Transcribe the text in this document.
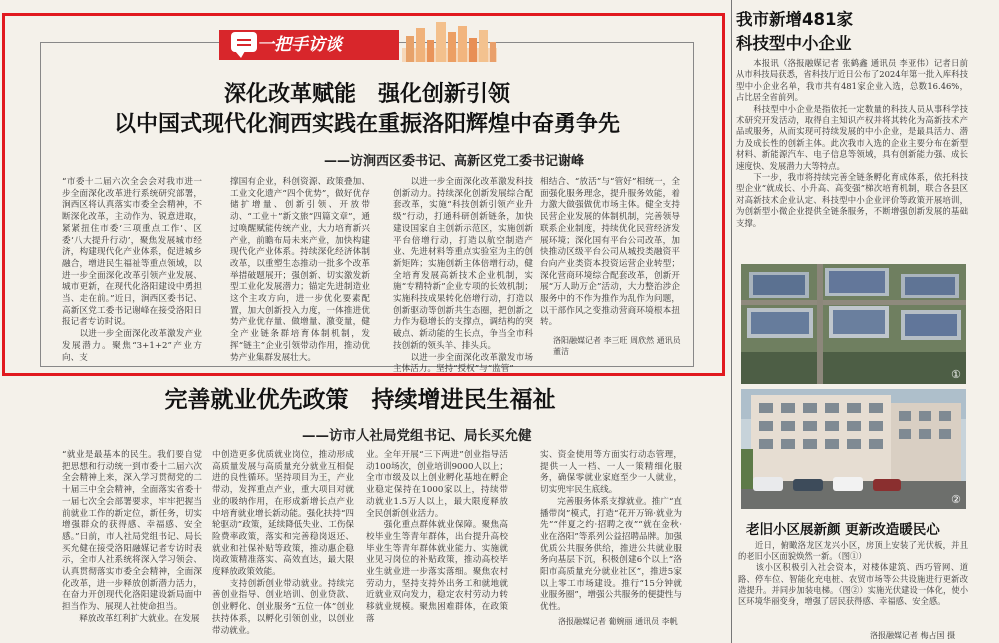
一把手访谈
深化改革赋能　强化创新引领
以中国式现代化涧西实践在重振洛阳辉煌中奋勇争先
——访涧西区委书记、高新区党工委书记谢峰
“市委十二届六次全会会对我市进一步全面深化改革进行系统研究部署，涧西区将认真落实市委全会精神，不断深化改革，主动作为、锐意进取，紧紧扭住市委‘三项重点工作’、区委‘八大提升行动’，聚焦发展城市经济，构建现代化产业体系，促进城乡融合，增进民生福祉等重点领域，以进一步全面深化改革引领产业发展、城市更新，在现代化洛阳建设中勇担当、走在前。”近日，涧西区委书记、高新区党工委书记谢峰在接受洛阳日报记者专访时说。
　　以进一步全面深化改革激发产业发展潜力。聚焦“3+1+2”产业方向、支
撑国有企业，科创资源、政策叠加、工业文化遗产“四个优势”，做好优存储扩增量、创新引领、开放带动、“工业＋”新文旅“四篇文章”，通过唤醒赋能传统产业，大力培育新兴产业，前瞻布局未来产业，加快构建现代化产业体系。持续深化经济体制改革，以重塑生态推动一批多个改革举措破题展开；强创新、切实激发新型工业化发展潜力；锚定先进制造业这个主攻方向，进一步优化要素配置，加大创新投入力度，一体推进优势产业优存量、做增量、激变量，健全产业链条群培育体制机制，发挥“链主”企业引领带动作用，推动优势产业集群发展壮大。
　　以进一步全面深化改革激发科技创新动力。持续深化创新发展综合配套改革，实施“科技创新引领产业升级”行动，打通科研创新链条，加快建设国家自主创新示范区，实施创新平台倍增行动，打造以航空制造产业、先进材料等重点实验室为主的创新矩阵；实施创新主体倍增行动，健全培育发展高新技术企业机制，实施“专精特新”企业专项的长效机制；实施科技成果转化倍增行动，打造以创新驱动等创新共生态圈，把创新之力作为稳增长的支撑点，调结构的突破点、新动能的生长点，争当全市科技创新的领头羊、排头兵。
　　以进一步全面深化改革激发市场主体活力。坚持“授权”与“监管”
相结合、“放活”与“管好”相统一，全面强化服务理念，提升服务效能，着力激大做强做优市场主体。健全支持民营企业发展的体制机制，完善领导联系企业制度，持续优化民营经济发展环境；深化国有平台公司改革，加快推动区级平台公司从城投类融资平台向产业类资本投资运营企业转型；深化营商环境综合配套改革，创新开展“万人助万企”活动，大力整治涉企服务中的不作为推作为乱作为问题，以干部作风之变推动营商环境根本扭转。
洛阳融媒记者 李三旺 周欣然 通讯员 董洁
完善就业优先政策　持续增进民生福祉
——访市人社局党组书记、局长买允健
“就业是最基本的民生。我们要自觉把思想和行动统一到市委十二届六次全会精神上来，深入学习贯彻党的二十届三中全会精神，全面落实省委十一届七次全会部署要求，牢牢把握当前就业工作的新定位，新任务，切实增强群众的获得感、幸福感、安全感。”日前，市人社局党组书记、局长买允健在接受洛阳融媒记者专访时表示，全市人社系统将深入学习领会、认真贯彻落实市委全会精神，全面深化改革，进一步释放创新潜力活力，在奋力开创现代化洛阳建设新局面中担当作为、展现人社使命担当。
　　释放改革红利扩大就业。在发展
中创造更多优质就业岗位，推动形成高质量发展与高质量充分就业互相促进的良性循环。坚持项目为王，产业带动，发挥重点产业，重大项目对就业的吸纳作用，在形成新增长点产业中培育就业增长新动能。强化扶持“四轮驱动”政策，延续降低失业、工伤保险费率政策，落实和完善稳岗返还、就业和社保补贴等政策，推动惠企稳岗政策精准落实、高效直达，最大限度释放政策效能。
　　支持创新创业带动就业。持续完善创业指导、创业培训、创业贷款、创业孵化、创业服务“五位一体”创业扶持体系，以孵化引领创业，以创业带动就业。
业。全年开展“三下两进”创业指导活动100场次，创业培训9000人以上；全市市级及以上创业孵化基地在孵企业稳定保持在1000家以上，持续带动就业1.5万人以上，最大限度释放全民创新创业活力。
　　强化重点群体就业保障。聚焦高校毕业生等青年群体，出台提升高校毕业生等青年群体就业能力、实施就业见习岗位的补贴政策，推动高校毕业生就业进一步落实落细。聚焦农村劳动力，坚持支持外出务工和就地就近就业双向发力，稳定农村劳动力转移就业规模。聚焦困难群体，在政策落
实、资金使用等方面实行动态管理，提供一人一档、一人一策精细化服务，确保零就业家庭至少一人就业，切实兜牢民生底线。
　　完善服务体系支撑就业。推广“直播带岗”模式，打造“花开万锦·就业为先”“伴夏之约·招聘之夜”“就在金秋·业在洛阳”等系列公益招聘品牌。加强优质公共服务供给，推进公共就业服务向基层下沉，积极创建6个以上“洛阳市高质量充分就业社区”，推进5家以上零工市场建设。推行“15分钟就业服务圈”，增强公共服务的便捷性与优性。
洛报融媒记者 葡婉丽 通讯员 李帆
我市新增481家
科技型中小企业
　　本报讯（洛报融媒记者 张鹤鑫 通讯员 李亚伟）记者日前从市科技局获悉，省科技厅近日公布了2024年第一批入库科技型中小企业名单，我市共有481家企业入选，总数16.46%，占比居全省前列。
　　科技型中小企业是指依托一定数量的科技人员从事科学技术研究开发活动，取得自主知识产权并将其转化为高新技术产品或服务，从而实现可持续发展的中小企业，是最具活力、潜力及成长性的创新主体。此次我市入选的企业主要分布在新型材料、新能源汽车、电子信息等领域，具有创新能力强、成长速度快、发展潜力大等特点。
　　下一步，我市将持续完善全链条孵化育成体系，依托科技型企业“就成长、小升高、高变强”梯次培育机制，联合各县区对高新技术企业认定、科技型中小企业评价等政策开展培训，为创新型小微企业提供全链条服务，不断增强创新发展的基础支撑。
①
②
老旧小区展新颜 更新改造暖民心
　　近日，俯瞰洛龙区龙兴小区，房顶上安装了光伏板，并且的老旧小区面貌焕然一新。（图①）
　　该小区积极引入社会资本，对楼体建筑、西巧管网、道路、停车位、智能化充电桩、农贸市场等公共设施进行更新改造提升。并同步加装电梯。（图②）实施光伏建设一体化，使小区环境华丽变身，增强了居民获得感、幸福感、安全感。
洛报融媒记者 梅占国 摄
